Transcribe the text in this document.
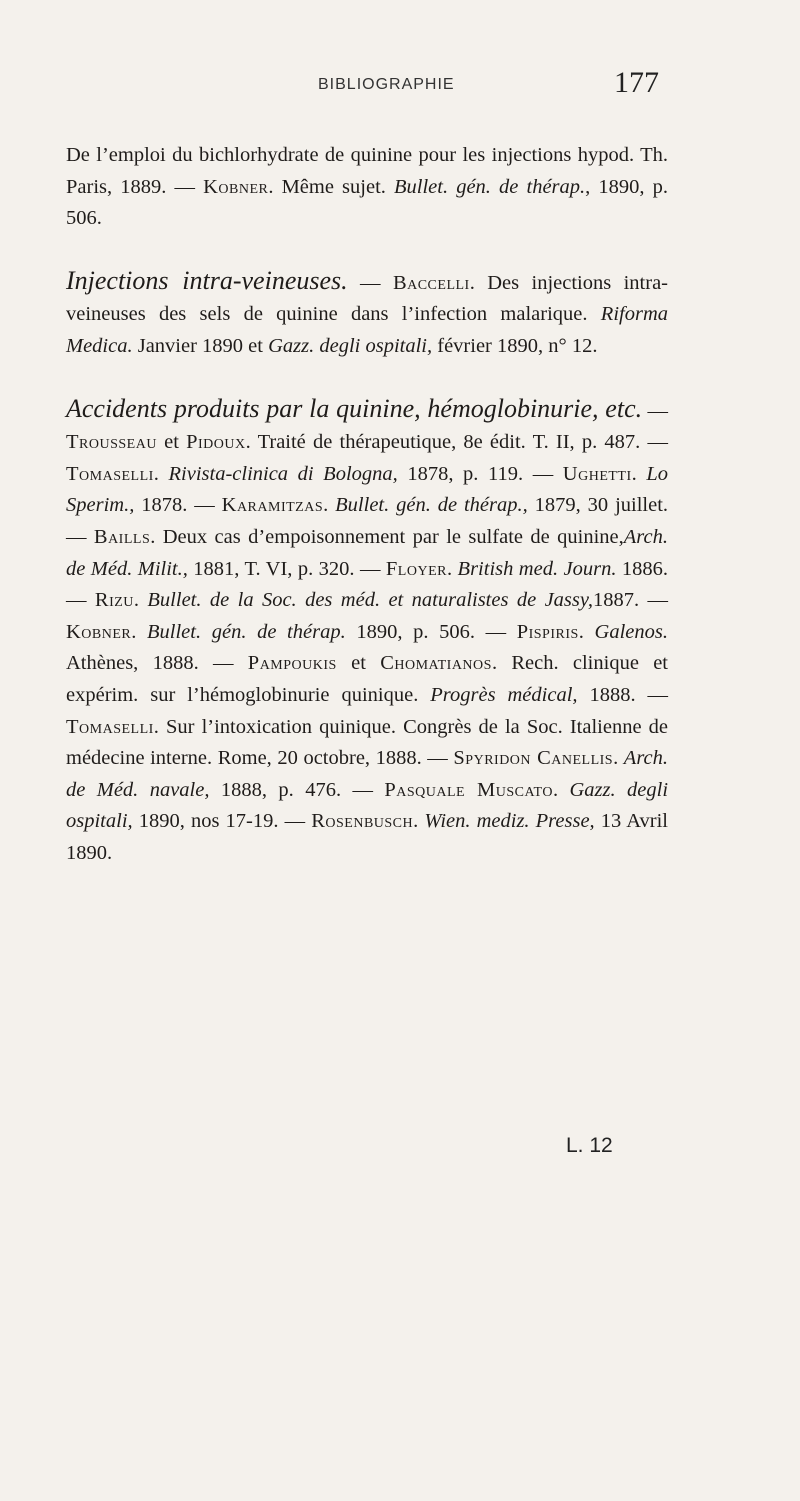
BIBLIOGRAPHIE	177

De l’emploi du bichlorhydrate de quinine pour les injections hypod. Th. Paris, 1889. — Kobner. Même sujet. Bullet. gén. de thérap., 1890, p. 506.

Injections intra-veineuses. — Baccelli. Des injections intra-veineuses des sels de quinine dans l’infection malarique. Riforma Medica. Janvier 1890 et Gazz. degli ospitali, février 1890, n° 12.

Accidents produits par la quinine, hémoglobinurie, etc. — Trousseau et Pidoux. Traité de thérapeutique, 8e édit. T. II, p. 487. — Tomaselli. Rivista-clinica di Bologna, 1878, p. 119. — Ughetti. Lo Sperim., 1878. — Karamitzas. Bullet. gén. de thérap., 1879, 30 juillet. — Baills. Deux cas d’empoisonnement par le sulfate de quinine,Arch. de Méd. Milit., 1881, T. VI, p. 320. — Floyer. British med. Journ. 1886. — Rizu. Bullet. de la Soc. des méd. et naturalistes de Jassy,1887. — Kobner. Bullet. gén. de thérap. 1890, p. 506. — Pispiris. Galenos. Athènes, 1888. — Pampoukis et Chomatianos. Rech. clinique et expérim. sur l’hémoglobinurie quinique. Progrès médical, 1888. — Tomaselli. Sur l’intoxication quinique. Congrès de la Soc. Italienne de médecine interne. Rome, 20 octobre, 1888. — Spyridon Canellis. Arch. de Méd. navale, 1888, p. 476. — Pasquale Muscato. Gazz. degli ospitali, 1890, nos 17-19. — Rosenbusch. Wien. mediz. Presse, 13 Avril 1890.

L. 12
